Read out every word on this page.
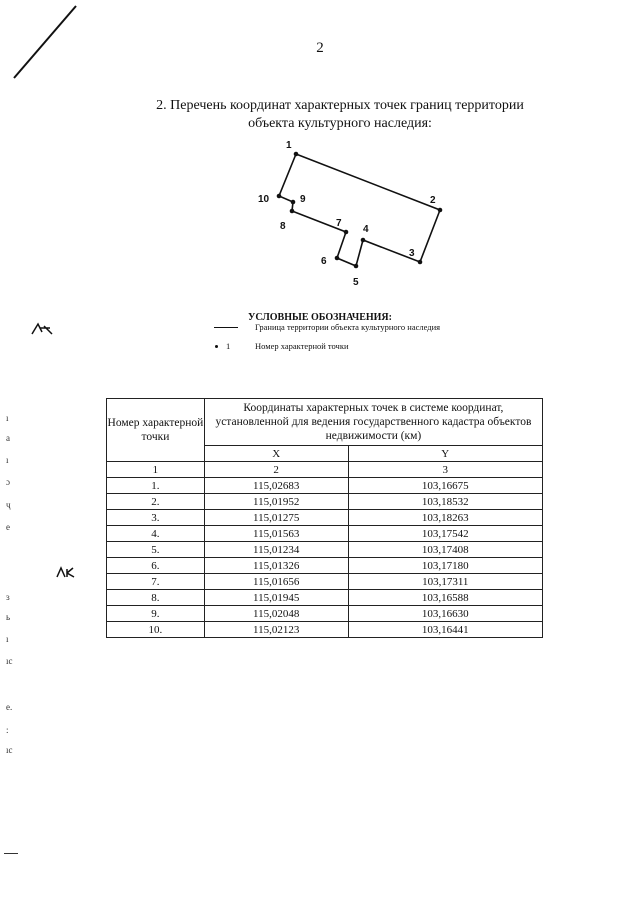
2
2. Перечень координат характерных точек границ территории
объекта культурного наследия:
1
2
3
4
5
6
7
8
9
10
УСЛОВНЫЕ ОБОЗНАЧЕНИЯ:
Граница территории объекта культурного наследия
1	Номер характерной точки
ı
a
ı
ɔ
ҷ
e
ɜ
ь
ı
ıc
e.
:
ıc
Номер характерной точки	Координаты характерных точек в системе координат, установленной для ведения государственного кадастра объектов недвижимости (км)	
	X	Y
1	2	3
1.	115,02683	103,16675
2.	115,01952	103,18532
3.	115,01275	103,18263
4.	115,01563	103,17542
5.	115,01234	103,17408
6.	115,01326	103,17180
7.	115,01656	103,17311
8.	115,01945	103,16588
9.	115,02048	103,16630
10.	115,02123	103,16441
